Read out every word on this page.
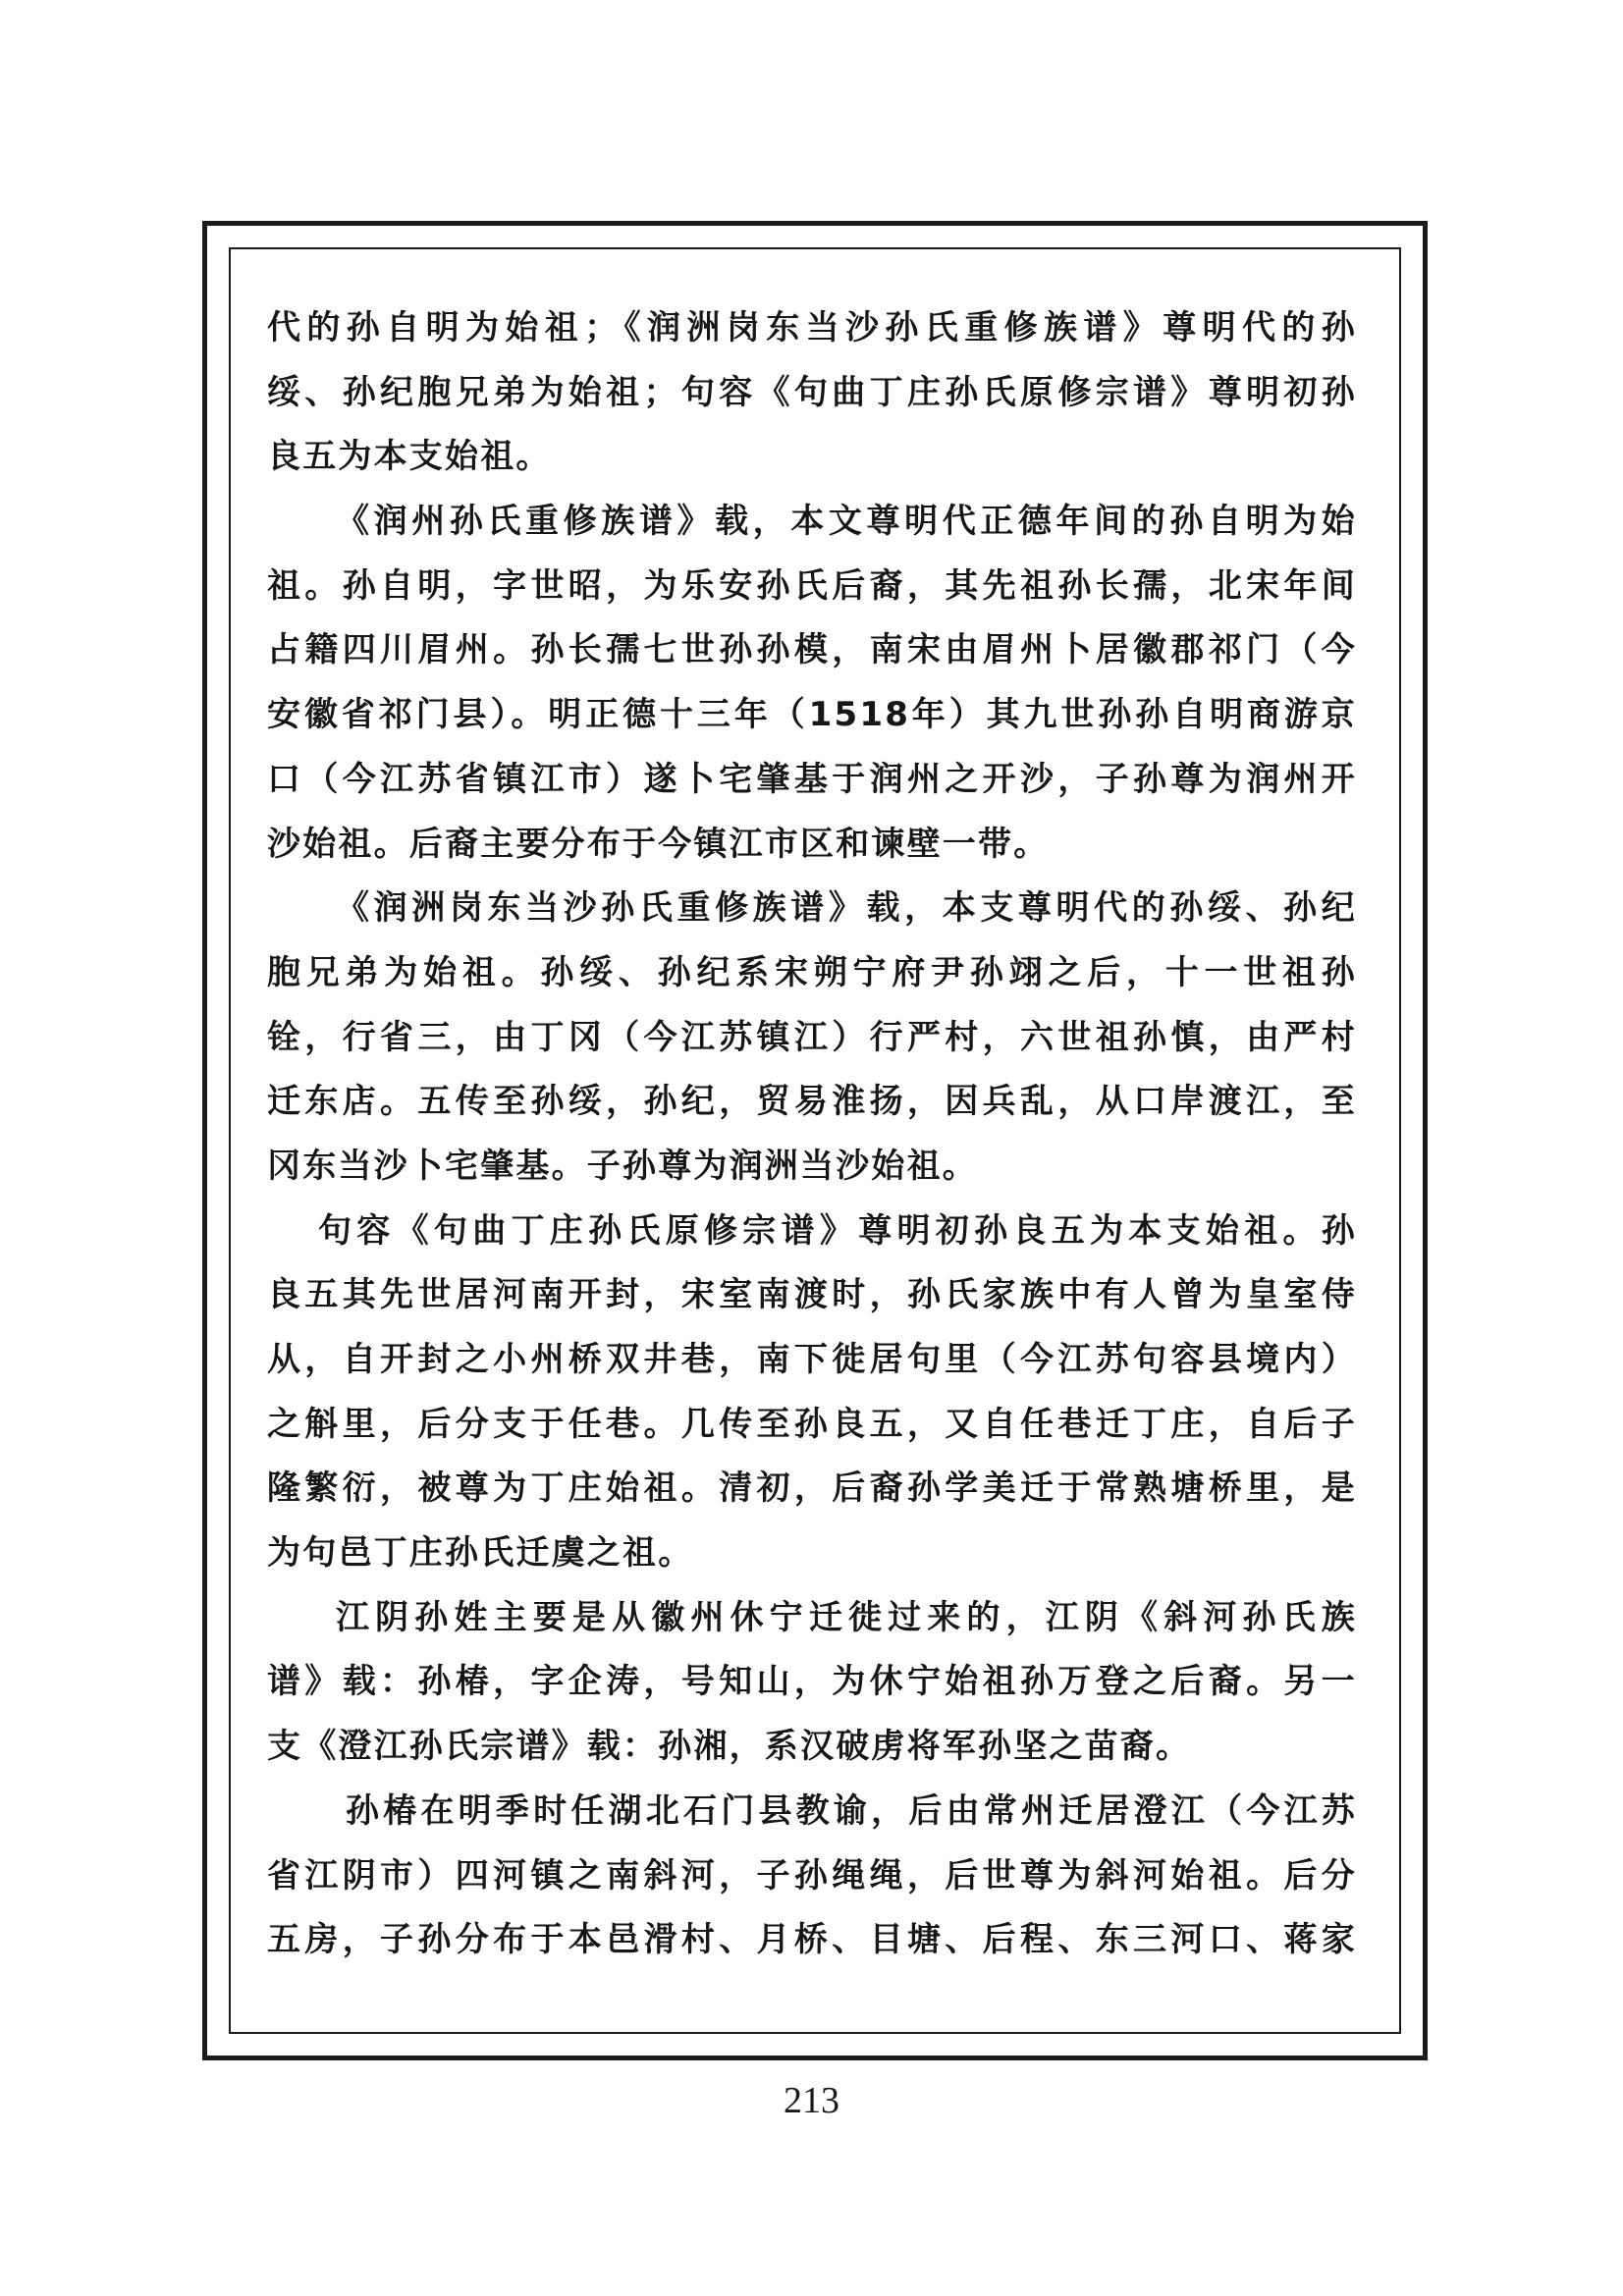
代的孙自明为始祖；《润洲岗东当沙孙氏重修族谱》尊明代的孙
绥、孙纪胞兄弟为始祖；句容《句曲丁庄孙氏原修宗谱》尊明初孙
良五为本支始祖。
《润州孙氏重修族谱》载，本文尊明代正德年间的孙自明为始
祖。孙自明，字世昭，为乐安孙氏后裔，其先祖孙长孺，北宋年间
占籍四川眉州。孙长孺七世孙孙模，南宋由眉州卜居徽郡祁门（今
安徽省祁门县）。明正德十三年（1518年）其九世孙孙自明商游京
口（今江苏省镇江市）遂卜宅肇基于润州之开沙，子孙尊为润州开
沙始祖。后裔主要分布于今镇江市区和谏壁一带。
《润洲岗东当沙孙氏重修族谱》载，本支尊明代的孙绥、孙纪
胞兄弟为始祖。孙绥、孙纪系宋朔宁府尹孙翊之后，十一世祖孙
铨，行省三，由丁冈（今江苏镇江）行严村，六世祖孙慎，由严村
迁东店。五传至孙绥，孙纪，贸易淮扬，因兵乱，从口岸渡江，至
冈东当沙卜宅肇基。子孙尊为润洲当沙始祖。
句容《句曲丁庄孙氏原修宗谱》尊明初孙良五为本支始祖。孙
良五其先世居河南开封，宋室南渡时，孙氏家族中有人曾为皇室侍
从，自开封之小州桥双井巷，南下徙居句里（今江苏句容县境内）
之斛里，后分支于任巷。几传至孙良五，又自任巷迁丁庄，自后子
隆繁衍，被尊为丁庄始祖。清初，后裔孙学美迁于常熟塘桥里，是
为句邑丁庄孙氏迁虞之祖。
江阴孙姓主要是从徽州休宁迁徙过来的，江阴《斜河孙氏族
谱》载：孙椿，字企涛，号知山，为休宁始祖孙万登之后裔。另一
支《澄江孙氏宗谱》载：孙湘，系汉破虏将军孙坚之苗裔。
孙椿在明季时任湖北石门县教谕，后由常州迁居澄江（今江苏
省江阴市）四河镇之南斜河，子孙绳绳，后世尊为斜河始祖。后分
五房，子孙分布于本邑滑村、月桥、目塘、后程、东三河口、蒋家
213
